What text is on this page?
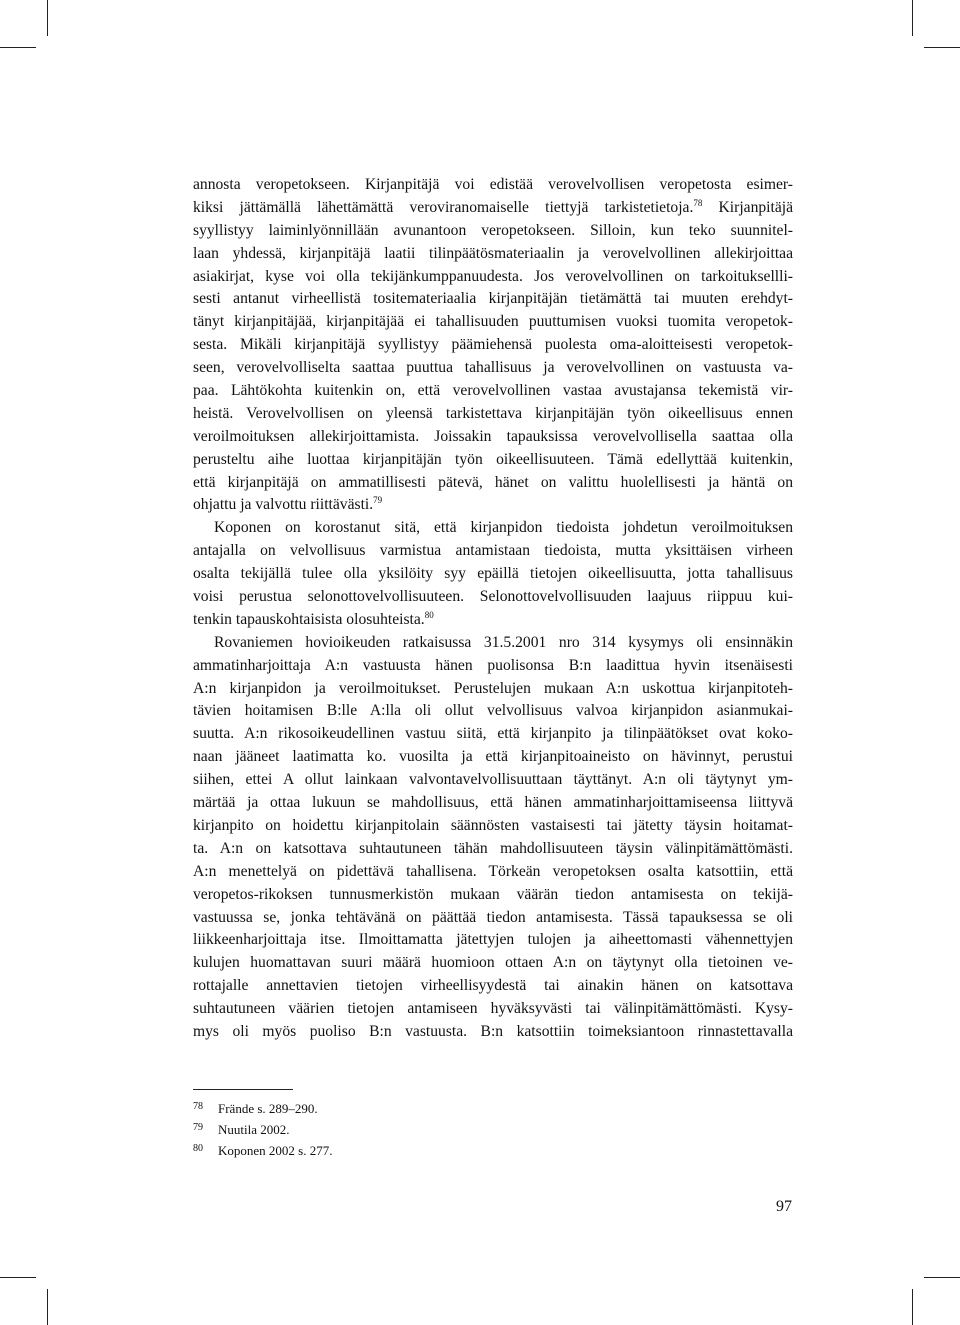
annosta veropetokseen. Kirjanpitäjä voi edistää verovelvollisen veropetosta esimer-
kiksi jättämällä lähettämättä veroviranomaiselle tiettyjä tarkistetietoja.$^{78}$ Kirjanpitäjä
syyllistyy laiminlyönnillään avunantoon veropetokseen. Silloin, kun teko suunnitel-
laan yhdessä, kirjanpitäjä laatii tilinpäätösmateriaalin ja verovelvollinen allekirjoittaa
asiakirjat, kyse voi olla tekijänkumppanuudesta. Jos verovelvollinen on tarkoituksellli-
sesti antanut virheellistä tositemateriaalia kirjanpitäjän tietämättä tai muuten erehdyt-
tänyt kirjanpitäjää, kirjanpitäjää ei tahallisuuden puuttumisen vuoksi tuomita veropetok-
sesta. Mikäli kirjanpitäjä syyllistyy päämiehensä puolesta oma-aloitteisesti veropetok-
seen, verovelvolliselta saattaa puuttua tahallisuus ja verovelvollinen on vastuusta va-
paa. Lähtökohta kuitenkin on, että verovelvollinen vastaa avustajansa tekemistä vir-
heistä. Verovelvollisen on yleensä tarkistettava kirjanpitäjän työn oikeellisuus ennen
veroilmoituksen allekirjoittamista. Joissakin tapauksissa verovelvollisella saattaa olla
perusteltu aihe luottaa kirjanpitäjän työn oikeellisuuteen. Tämä edellyttää kuitenkin,
että kirjanpitäjä on ammatillisesti pätevä, hänet on valittu huolellisesti ja häntä on
ohjattu ja valvottu riittävästi.$^{79}$
Koponen on korostanut sitä, että kirjanpidon tiedoista johdetun veroilmoituksen
antajalla on velvollisuus varmistua antamistaan tiedoista, mutta yksittäisen virheen
osalta tekijällä tulee olla yksilöity syy epäillä tietojen oikeellisuutta, jotta tahallisuus
voisi perustua selonottovelvollisuuteen. Selonottovelvollisuuden laajuus riippuu kui-
tenkin tapauskohtaisista olosuhteista.$^{80}$
Rovaniemen hovioikeuden ratkaisussa 31.5.2001 nro 314 kysymys oli ensinnäkin
ammatinharjoittaja A:n vastuusta hänen puolisonsa B:n laadittua hyvin itsenäisesti
A:n kirjanpidon ja veroilmoitukset. Perustelujen mukaan A:n uskottua kirjanpitoteh-
tävien hoitamisen B:lle A:lla oli ollut velvollisuus valvoa kirjanpidon asianmukai-
suutta. A:n rikosoikeudellinen vastuu siitä, että kirjanpito ja tilinpäätökset ovat koko-
naan jääneet laatimatta ko. vuosilta ja että kirjanpitoaineisto on hävinnyt, perustui
siihen, ettei A ollut lainkaan valvontavelvollisuuttaan täyttänyt. A:n oli täytynyt ym-
märtää ja ottaa lukuun se mahdollisuus, että hänen ammatinharjoittamiseensa liittyvä
kirjanpito on hoidettu kirjanpitolain säännösten vastaisesti tai jätetty täysin hoitamat-
ta. A:n on katsottava suhtautuneen tähän mahdollisuuteen täysin välinpitämättömästi.
A:n menettelyä on pidettävä tahallisena. Törkeän veropetoksen osalta katsottiin, että
veropetos-rikoksen tunnusmerkistön mukaan väärän tiedon antamisesta on tekijä-
vastuussa se, jonka tehtävänä on päättää tiedon antamisesta. Tässä tapauksessa se oli
liikkeenharjoittaja itse. Ilmoittamatta jätettyjen tulojen ja aiheettomasti vähennettyjen
kulujen huomattavan suuri määrä huomioon ottaen A:n on täytynyt olla tietoinen ve-
rottajalle annettavien tietojen virheellisyydestä tai ainakin hänen on katsottava
suhtautuneen väärien tietojen antamiseen hyväksyvästi tai välinpitämättömästi. Kysy-
mys oli myös puoliso B:n vastuusta. B:n katsottiin toimeksiantoon rinnastettavalla
78 Frände s. 289–290.
79 Nuutila 2002.
80 Koponen 2002 s. 277.
97
